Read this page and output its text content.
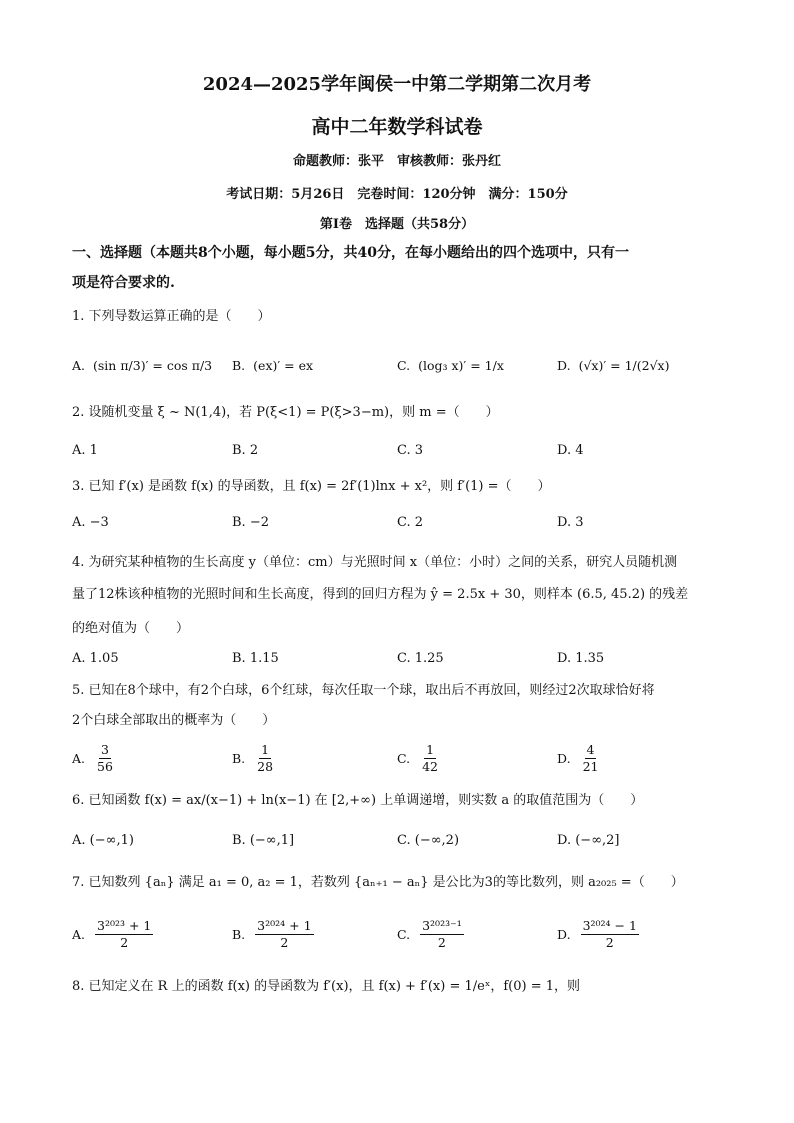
2024—2025学年闽侯一中第二学期第二次月考
高中二年数学科试卷
命题教师：张平　审核教师：张丹红
考试日期：5月26日　完卷时间：120分钟　满分：150分
第Ⅰ卷　选择题（共58分）
一、选择题（本题共8个小题，每小题5分，共40分，在每小题给出的四个选项中，只有一
项是符合要求的.
1. 下列导数运算正确的是（　　）
A. (sin π/3)′ = cos π/3 B. (ex)′ = ex	C. (log₃ x)′ = 1/x	D. (√x)′ = 1/(2√x)
2. 设随机变量 ξ ~ N(1,4)，若 P(ξ<1) = P(ξ>3−m)，则 m =（　　）
A. 1	B. 2	C. 3	D. 4
3. 已知 f′(x) 是函数 f(x) 的导函数，且 f(x) = 2f′(1)lnx + x²，则 f′(1) =（　　）
A. −3	B. −2	C. 2	D. 3
4. 为研究某种植物的生长高度 y（单位：cm）与光照时间 x（单位：小时）之间的关系，研究人员随机测
量了12株该种植物的光照时间和生长高度，得到的回归方程为 ŷ = 2.5x + 30，则样本 (6.5, 45.2) 的残差
的绝对值为（　　）
A. 1.05	B. 1.15	C. 1.25	D. 1.35
5. 已知在8个球中，有2个白球，6个红球，每次任取一个球，取出后不再放回，则经过2次取球恰好将
2个白球全部取出的概率为（　　）
A. $\frac{3}{56}$	B. $\frac{1}{28}$	C. $\frac{1}{42}$	D. $\frac{4}{21}$
6. 已知函数 f(x) = ax/(x−1) + ln(x−1) 在 [2,+∞) 上单调递增，则实数 a 的取值范围为（　　）
A. (−∞,1)	B. (−∞,1]	C. (−∞,2)	D. (−∞,2]
7. 已知数列 {aₙ} 满足 a₁ = 0, a₂ = 1，若数列 {aₙ₊₁ − aₙ} 是公比为3的等比数列，则 a₂₀₂₅ =（　　）
A. $\frac{\text{3²⁰²³ + 1}}{2}$	B. $\frac{\text{3²⁰²⁴ + 1}}{2}$	C. $\frac{\text{3²⁰²³⁻¹}}{2}$	D. $\frac{\text{3²⁰²⁴ − 1}}{2}$
8. 已知定义在 R 上的函数 f(x) 的导函数为 f′(x)，且 f(x) + f′(x) = 1/eˣ，f(0) = 1，则
